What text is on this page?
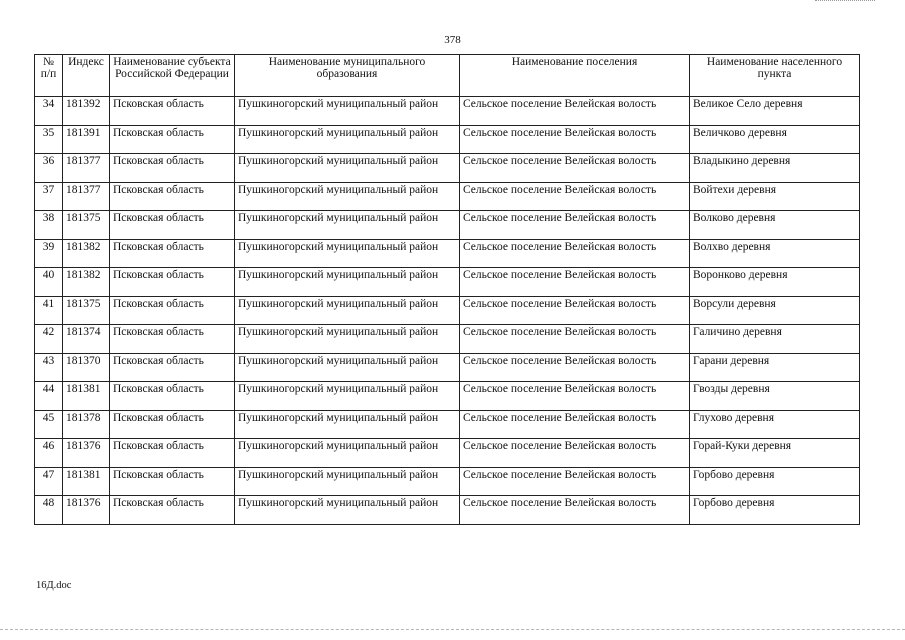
378
№ п/п	Индекс	Наименование субъекта Российской Федерации	Наименование муниципального образования	Наименование поселения	Наименование населенного пункта
34	181392	Псковская область	Пушкиногорский муниципальный район	Сельское поселение Велейская волость	Великое Село деревня
35	181391	Псковская область	Пушкиногорский муниципальный район	Сельское поселение Велейская волость	Величково деревня
36	181377	Псковская область	Пушкиногорский муниципальный район	Сельское поселение Велейская волость	Владыкино деревня
37	181377	Псковская область	Пушкиногорский муниципальный район	Сельское поселение Велейская волость	Войтехи деревня
38	181375	Псковская область	Пушкиногорский муниципальный район	Сельское поселение Велейская волость	Волково деревня
39	181382	Псковская область	Пушкиногорский муниципальный район	Сельское поселение Велейская волость	Волхво деревня
40	181382	Псковская область	Пушкиногорский муниципальный район	Сельское поселение Велейская волость	Воронково деревня
41	181375	Псковская область	Пушкиногорский муниципальный район	Сельское поселение Велейская волость	Ворсули деревня
42	181374	Псковская область	Пушкиногорский муниципальный район	Сельское поселение Велейская волость	Галичино деревня
43	181370	Псковская область	Пушкиногорский муниципальный район	Сельское поселение Велейская волость	Гарани деревня
44	181381	Псковская область	Пушкиногорский муниципальный район	Сельское поселение Велейская волость	Гвозды деревня
45	181378	Псковская область	Пушкиногорский муниципальный район	Сельское поселение Велейская волость	Глухово деревня
46	181376	Псковская область	Пушкиногорский муниципальный район	Сельское поселение Велейская волость	Горай-Куки деревня
47	181381	Псковская область	Пушкиногорский муниципальный район	Сельское поселение Велейская волость	Горбово деревня
48	181376	Псковская область	Пушкиногорский муниципальный район	Сельское поселение Велейская волость	Горбово деревня
16Д.doc
